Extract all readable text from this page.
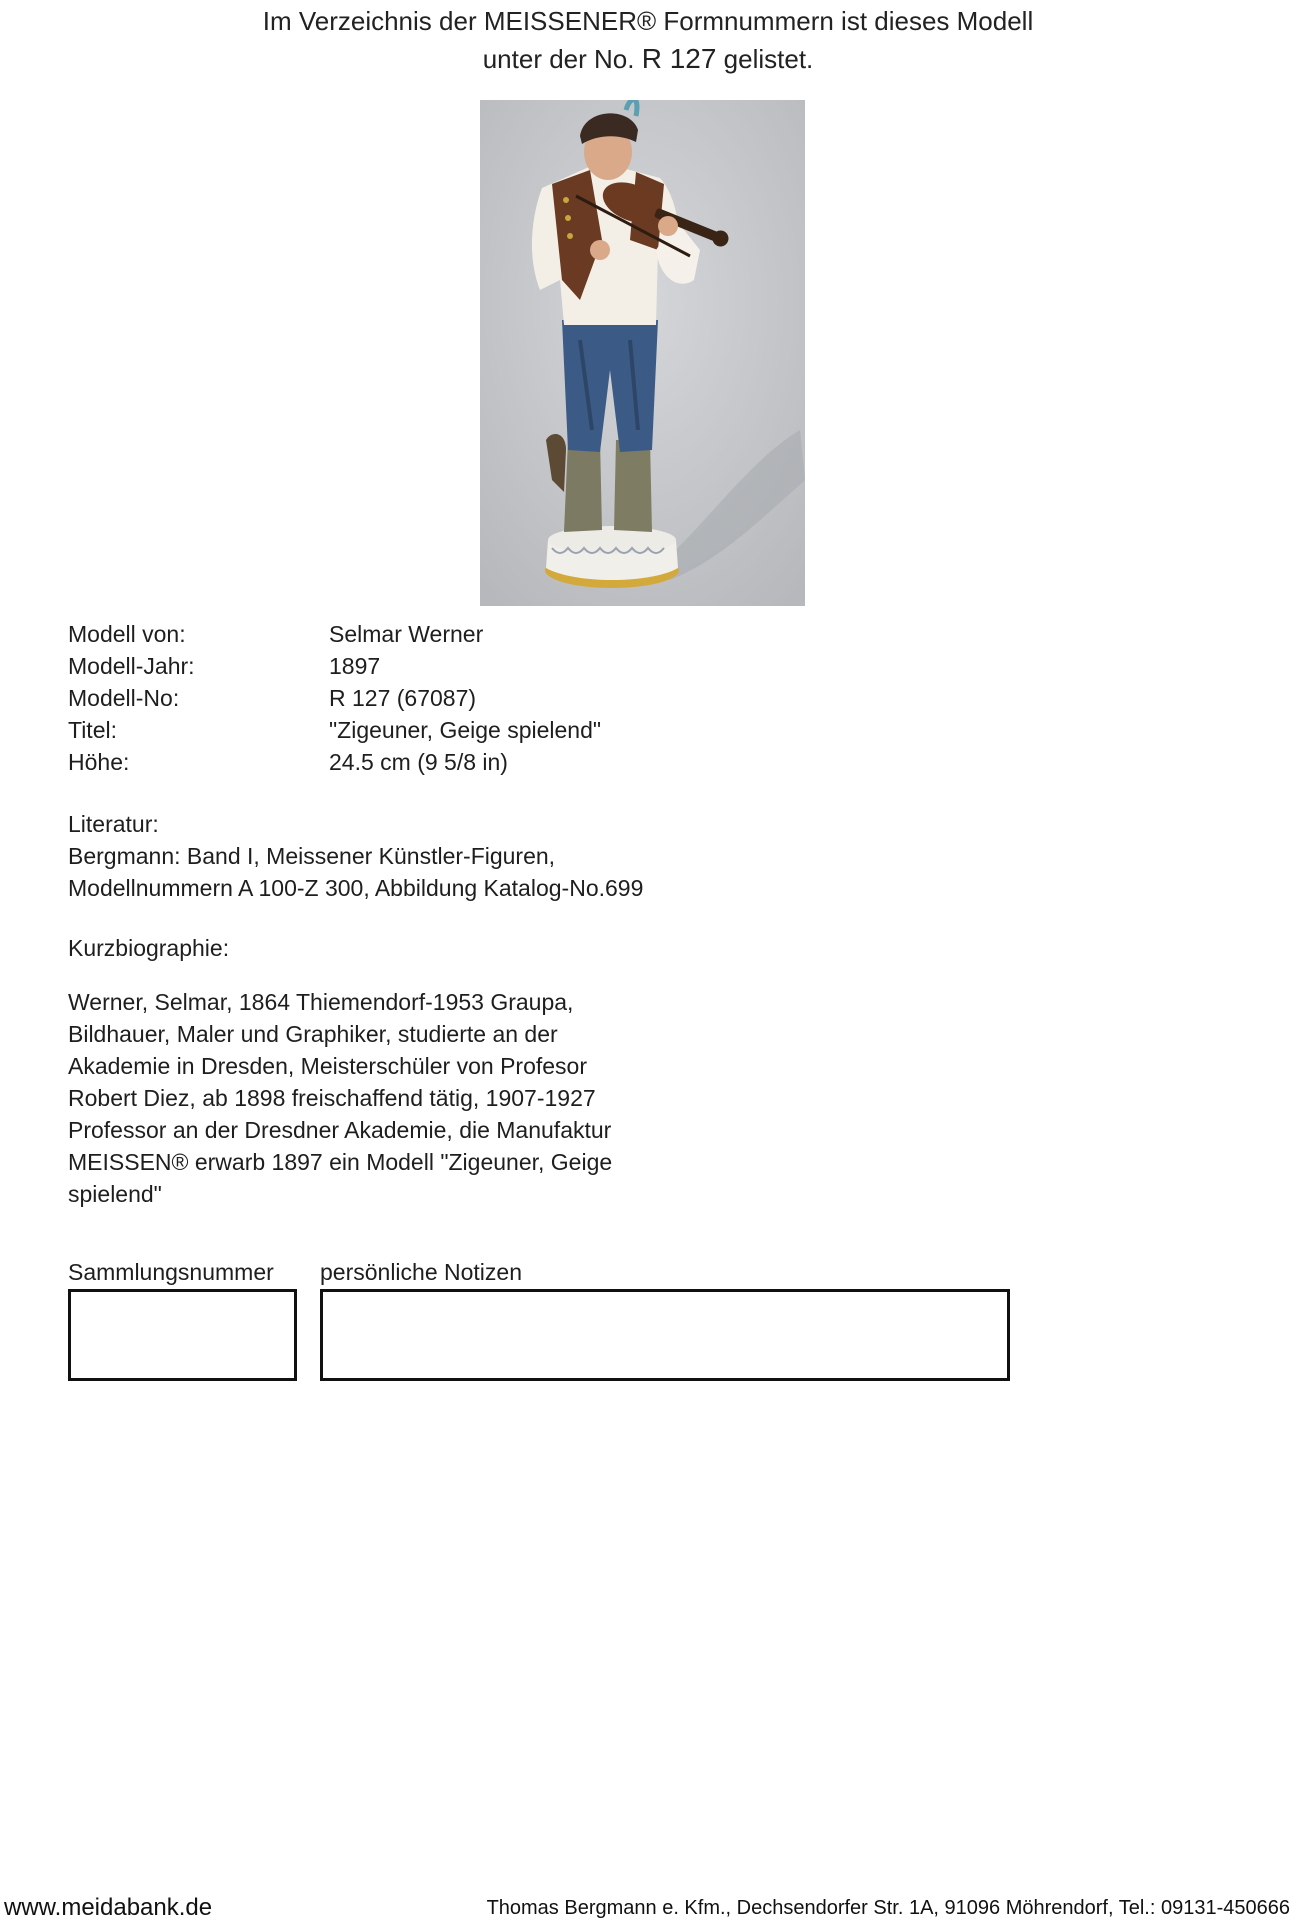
Im Verzeichnis der MEISSENER® Formnummern ist dieses Modell
unter der No. R 127 gelistet.
Modell von:	Selmar Werner
Modell-Jahr:	1897
Modell-No:	R 127 (67087)
Titel:	"Zigeuner, Geige spielend"
Höhe:	24.5 cm (9 5/8 in)
Literatur:
Bergmann: Band I, Meissener Künstler-Figuren,
Modellnummern A 100-Z 300, Abbildung Katalog-No.699
Kurzbiographie:
Werner, Selmar, 1864 Thiemendorf-1953 Graupa,
Bildhauer, Maler und Graphiker, studierte an der
Akademie in Dresden, Meisterschüler von Profesor
Robert Diez, ab 1898 freischaffend tätig, 1907-1927
Professor an der Dresdner Akademie, die Manufaktur
MEISSEN® erwarb 1897 ein Modell "Zigeuner, Geige
spielend"
Sammlungsnummer persönliche Notizen
www.meidabank.de	Thomas Bergmann e. Kfm., Dechsendorfer Str. 1A, 91096 Möhrendorf, Tel.: 09131-450666
